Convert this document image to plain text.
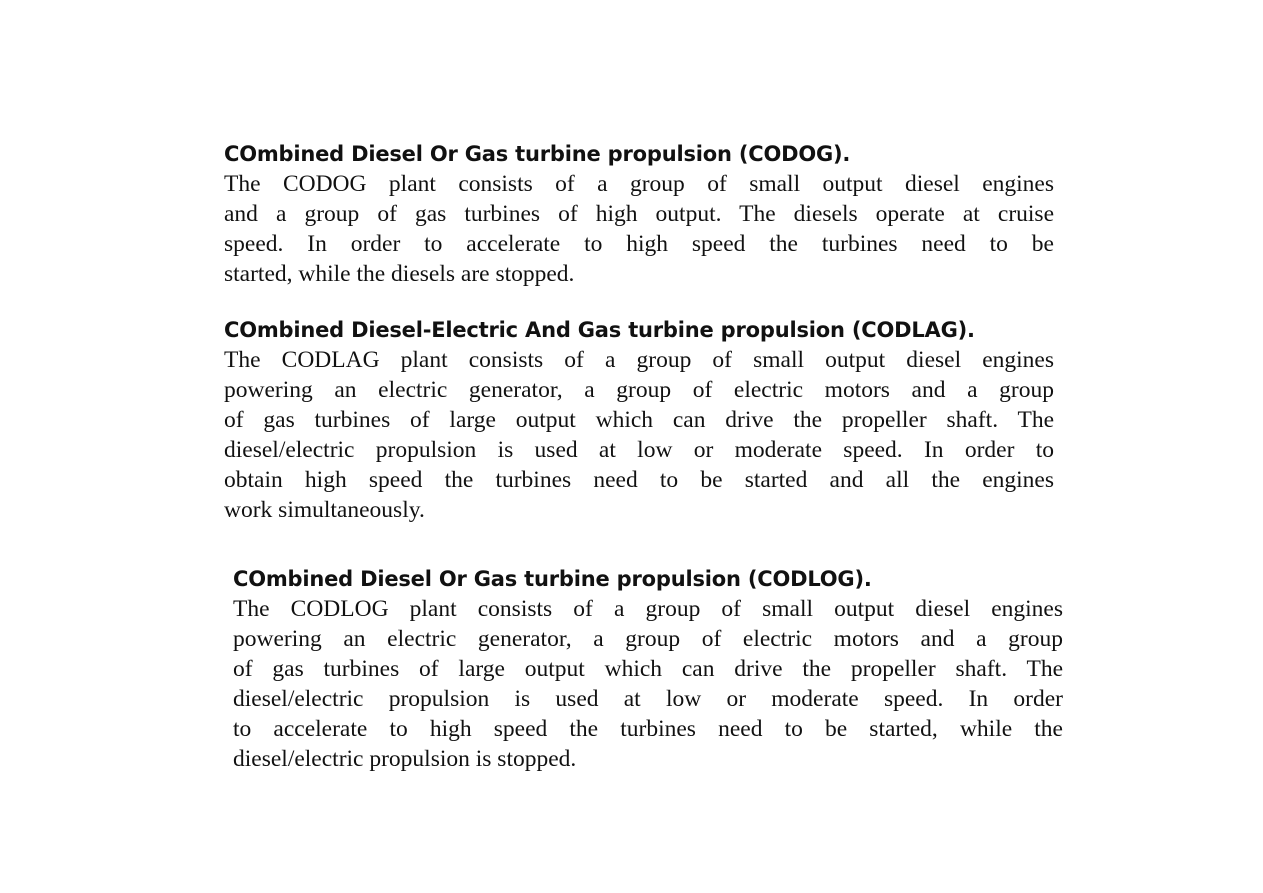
COmbined Diesel Or Gas turbine propulsion (CODOG).

The CODOG plant consists of a group of small output diesel engines
and a group of gas turbines of high output. The diesels operate at cruise
speed. In order to accelerate to high speed the turbines need to be
started, while the diesels are stopped.

COmbined Diesel-Electric And Gas turbine propulsion (CODLAG).

The CODLAG plant consists of a group of small output diesel engines
powering an electric generator, a group of electric motors and a group
of gas turbines of large output which can drive the propeller shaft. The
diesel/electric propulsion is used at low or moderate speed. In order to
obtain high speed the turbines need to be started and all the engines
work simultaneously.

COmbined Diesel Or Gas turbine propulsion (CODLOG).

The CODLOG plant consists of a group of small output diesel engines
powering an electric generator, a group of electric motors and a group
of gas turbines of large output which can drive the propeller shaft. The
diesel/electric propulsion is used at low or moderate speed. In order
to accelerate to high speed the turbines need to be started, while the
diesel/electric propulsion is stopped.
